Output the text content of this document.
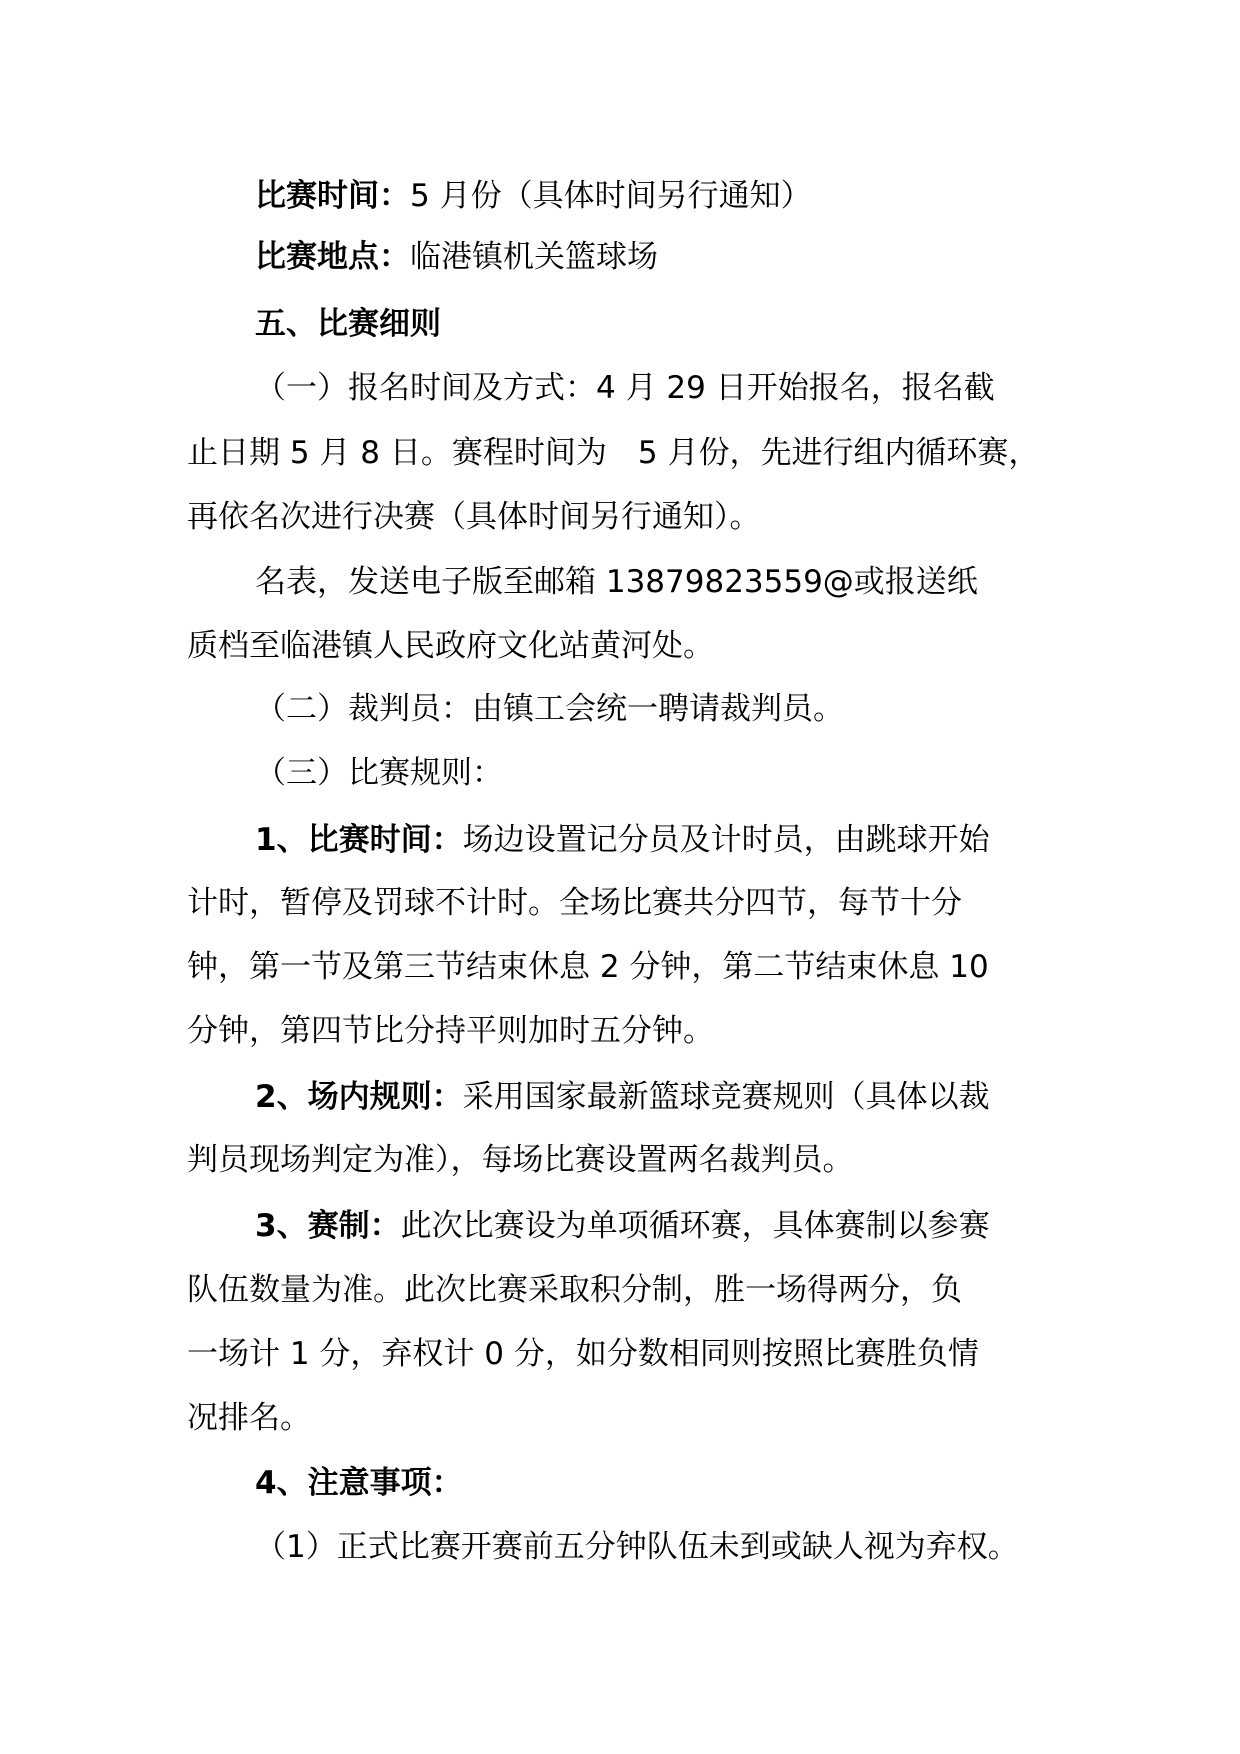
比赛时间：5 月份（具体时间另行通知）
比赛地点：临港镇机关篮球场
五、比赛细则
（一）报名时间及方式：4 月 29 日开始报名，报名截
止日期 5 月 8 日。赛程时间为　5 月份，先进行组内循环赛，
再依名次进行决赛（具体时间另行通知）。
名表，发送电子版至邮箱 13879823559@或报送纸
质档至临港镇人民政府文化站黄河处。
（二）裁判员：由镇工会统一聘请裁判员。
（三）比赛规则：
1、比赛时间：场边设置记分员及计时员，由跳球开始
计时，暂停及罚球不计时。全场比赛共分四节，每节十分
钟，第一节及第三节结束休息 2 分钟，第二节结束休息 10
分钟，第四节比分持平则加时五分钟。
2、场内规则：采用国家最新篮球竞赛规则（具体以裁
判员现场判定为准），每场比赛设置两名裁判员。
3、赛制：此次比赛设为单项循环赛，具体赛制以参赛
队伍数量为准。此次比赛采取积分制，胜一场得两分，负
一场计 1 分，弃权计 0 分，如分数相同则按照比赛胜负情
况排名。
4、注意事项：
（1）正式比赛开赛前五分钟队伍未到或缺人视为弃权。
